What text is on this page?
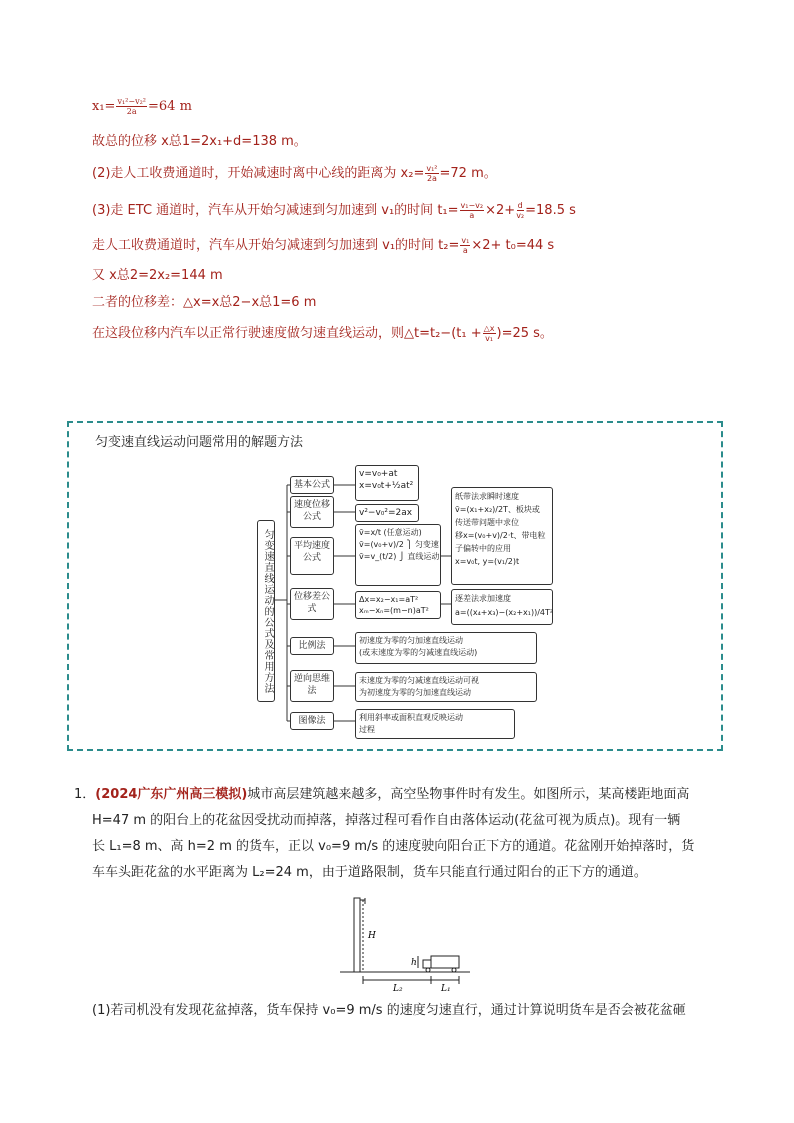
$x_1= \frac{\text{v₁²−v₂²}}{2a} =64$ m
故总的位移 x总1=2x₁+d=138 m。
(2)走人工收费通道时，开始减速时离中心线的距离为 $x_2= \frac{\text{v₁²}}{2a} =72$ m。
(3)走 ETC 通道时，汽车从开始匀减速到匀加速到 v₁的时间 $t_1= \frac{\text{v₁−v₂}}{a} \times 2+ \frac{d}{\text{v₂}} =18.5$ s
走人工收费通道时，汽车从开始匀减速到匀加速到 v₁的时间 $t_2= \frac{\text{v₁}}{a} \times 2+ t_0=44$ s
又 x总2=2x₂=144 m
二者的位移差：△x=x总2−x总1=6 m
在这段位移内汽车以正常行驶速度做匀速直线运动，则△t=t₂−(t₁ + $\frac{\triangle x}{\text{v₁}} )=25$ s。
匀变速直线运动问题常用的解题方法
匀变速直线运动的公式及常用方法
基本公式
速度位移公式
平均速度公式
位移差公式
比例法
逆向思维法
图像法
v=v₀+at
x=v₀t+½at²
v²−v₀²=2ax
v̄=x/t (任意运动)
v̄=(v₀+v)/2 ⎫ 匀变速
v̄=v_(t/2) ⎭ 直线运动
Δx=x₂−x₁=aT²
xₘ−xₙ=(m−n)aT²
初速度为零的匀加速直线运动
(或末速度为零的匀减速直线运动)
末速度为零的匀减速直线运动可视
为初速度为零的匀加速直线运动
利用斜率或面积直观反映运动
过程
纸带法求瞬时速度
v̄=(x₁+x₂)/2T、板块或
传送带问题中求位
移x=(v₀+v)/2·t、带电粒
子偏转中的应用
x=v₀t, y=(v₁/2)t
逐差法求加速度
a=((x₄+x₃)−(x₂+x₁))/4T²
1．(2024广东广州高三模拟)城市高层建筑越来越多，高空坠物事件时有发生。如图所示，某高楼距地面高
H=47 m 的阳台上的花盆因受扰动而掉落，掉落过程可看作自由落体运动(花盆可视为质点)。现有一辆
长 L₁=8 m、高 h=2 m 的货车，正以 v₀=9 m/s 的速度驶向阳台正下方的通道。花盆刚开始掉落时，货
车车头距花盆的水平距离为 L₂=24 m，由于道路限制，货车只能直行通过阳台的正下方的通道。
H
h
L₂	L₁
(1)若司机没有发现花盆掉落，货车保持 v₀=9 m/s 的速度匀速直行，通过计算说明货车是否会被花盆砸
